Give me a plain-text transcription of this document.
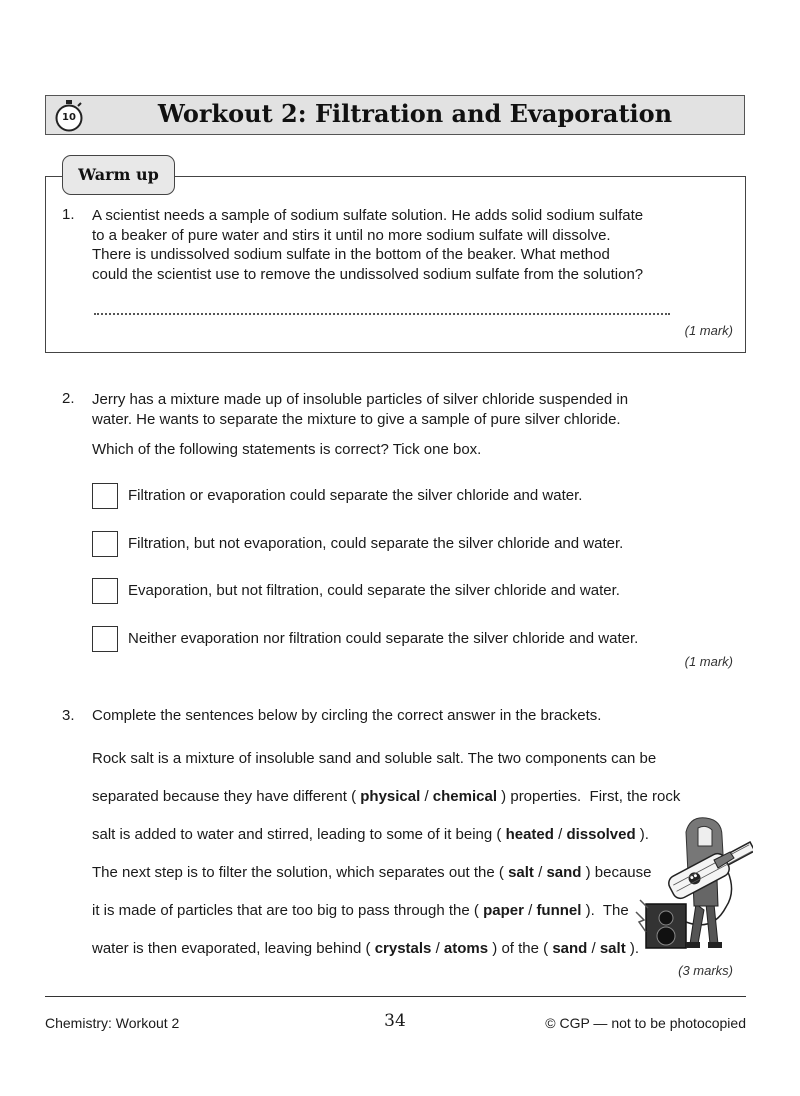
10	Workout 2: Filtration and Evaporation
Warm up
1. A scientist needs a sample of sodium sulfate solution. He adds solid sodium sulfate
to a beaker of pure water and stirs it until no more sodium sulfate will dissolve.
There is undissolved sodium sulfate in the bottom of the beaker. What method
could the scientist use to remove the undissolved sodium sulfate from the solution?
(1 mark)
2. Jerry has a mixture made up of insoluble particles of silver chloride suspended in
water. He wants to separate the mixture to give a sample of pure silver chloride.
Which of the following statements is correct? Tick one box.
Filtration or evaporation could separate the silver chloride and water.
Filtration, but not evaporation, could separate the silver chloride and water.
Evaporation, but not filtration, could separate the silver chloride and water.
Neither evaporation nor filtration could separate the silver chloride and water.
(1 mark)
3. Complete the sentences below by circling the correct answer in the brackets.
Rock salt is a mixture of insoluble sand and soluble salt. The two components can be
separated because they have different ( physical / chemical ) properties.  First, the rock
salt is added to water and stirred, leading to some of it being ( heated / dissolved ).
The next step is to filter the solution, which separates out the ( salt / sand ) because
it is made of particles that are too big to pass through the ( paper / funnel ).  The
water is then evaporated, leaving behind ( crystals / atoms ) of the ( sand / salt ).
(3 marks)
Chemistry: Workout 2	34	© CGP — not to be photocopied
